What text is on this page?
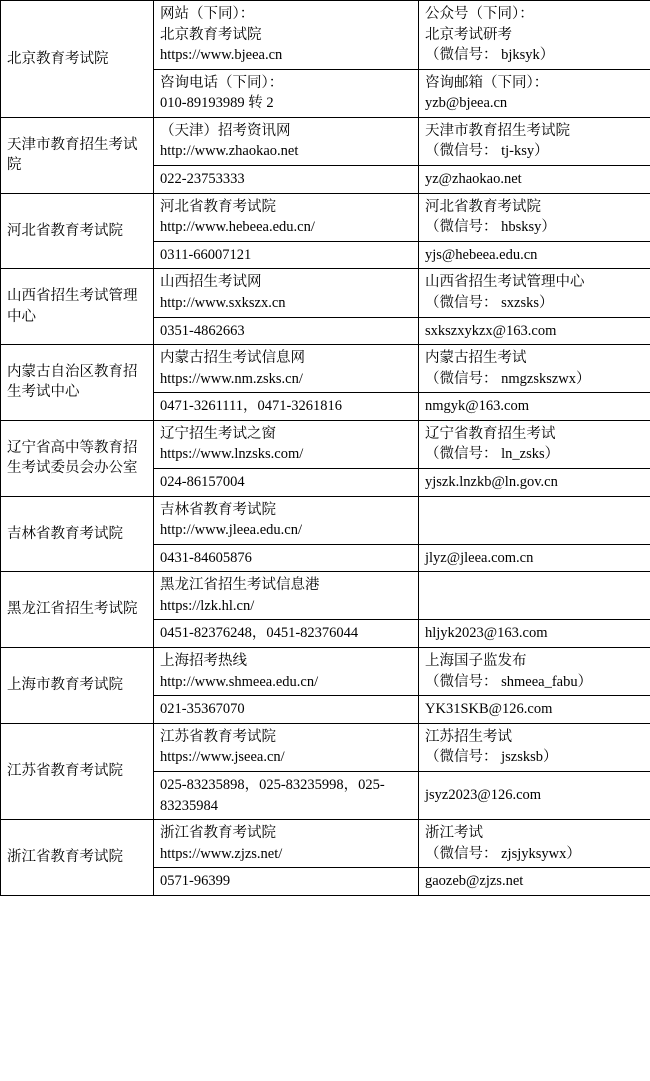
北京教育考试院	网站（下同）：
北京教育考试院
https://www.bjeea.cn	公众号（下同）：
北京考试研考
（微信号： bjksyk）

	咨询电话（下同）：
010-89193989 转 2	咨询邮箱（下同）：
yzb@bjeea.cn

天津市教育招生考试院	（天津）招考资讯网
http://www.zhaokao.net	天津市教育招生考试院
（微信号： tj-ksy）

	022-23753333	yz@zhaokao.net

河北省教育考试院	河北省教育考试院
http://www.hebeea.edu.cn/	河北省教育考试院
（微信号： hbsksy）

	0311-66007121	yjs@hebeea.edu.cn

山西省招生考试管理中心	山西招生考试网
http://www.sxkszx.cn	山西省招生考试管理中心
（微信号： sxzsks）

	0351-4862663	sxkszxykzx@163.com

内蒙古自治区教育招生考试中心	内蒙古招生考试信息网
https://www.nm.zsks.cn/	内蒙古招生考试
（微信号： nmgzskszwx）

	0471-3261111，0471-3261816	nmgyk@163.com

辽宁省高中等教育招生考试委员会办公室	辽宁招生考试之窗
https://www.lnzsks.com/	辽宁省教育招生考试
（微信号： ln_zsks）

	024-86157004	yjszk.lnzkb@ln.gov.cn

吉林省教育考试院	吉林省教育考试院
http://www.jleea.edu.cn/	

	0431-84605876	jlyz@jleea.com.cn

黑龙江省招生考试院	黑龙江省招生考试信息港
https://lzk.hl.cn/	

	0451-82376248，0451-82376044	hljyk2023@163.com

上海市教育考试院	上海招考热线
http://www.shmeea.edu.cn/	上海国子监发布
（微信号： shmeea_fabu）

	021-35367070	YK31SKB@126.com

江苏省教育考试院	江苏省教育考试院
https://www.jseea.cn/	江苏招生考试
（微信号： jszsksb）

	025-83235898，025-83235998，025-83235984	jsyz2023@126.com

浙江省教育考试院	浙江省教育考试院
https://www.zjzs.net/	浙江考试
（微信号： zjsjyksywx）

	0571-96399	gaozeb@zjzs.net
